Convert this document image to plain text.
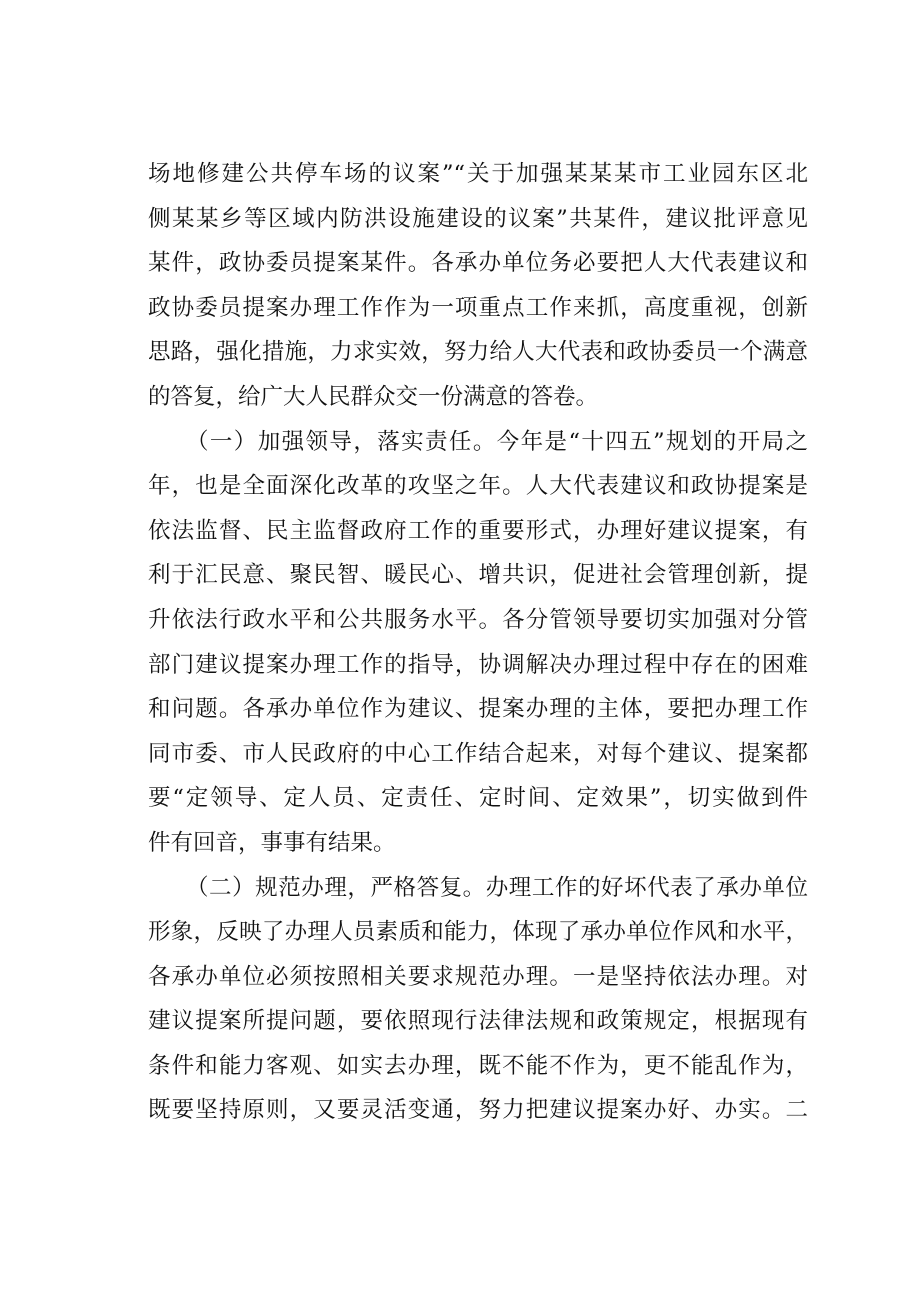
场地修建公共停车场的议案”“关于加强某某某市工业园东区北
侧某某乡等区域内防洪设施建设的议案”共某件，建议批评意见
某件，政协委员提案某件。各承办单位务必要把人大代表建议和
政协委员提案办理工作作为一项重点工作来抓，高度重视，创新
思路，强化措施，力求实效，努力给人大代表和政协委员一个满意
的答复，给广大人民群众交一份满意的答卷。
（一）加强领导，落实责任。今年是“十四五”规划的开局之
年，也是全面深化改革的攻坚之年。人大代表建议和政协提案是
依法监督、民主监督政府工作的重要形式，办理好建议提案，有
利于汇民意、聚民智、暖民心、增共识，促进社会管理创新，提
升依法行政水平和公共服务水平。各分管领导要切实加强对分管
部门建议提案办理工作的指导，协调解决办理过程中存在的困难
和问题。各承办单位作为建议、提案办理的主体，要把办理工作
同市委、市人民政府的中心工作结合起来，对每个建议、提案都
要“定领导、定人员、定责任、定时间、定效果”，切实做到件
件有回音，事事有结果。
（二）规范办理，严格答复。办理工作的好坏代表了承办单位
形象，反映了办理人员素质和能力，体现了承办单位作风和水平，
各承办单位必须按照相关要求规范办理。一是坚持依法办理。对
建议提案所提问题，要依照现行法律法规和政策规定，根据现有
条件和能力客观、如实去办理，既不能不作为，更不能乱作为，
既要坚持原则，又要灵活变通，努力把建议提案办好、办实。二
